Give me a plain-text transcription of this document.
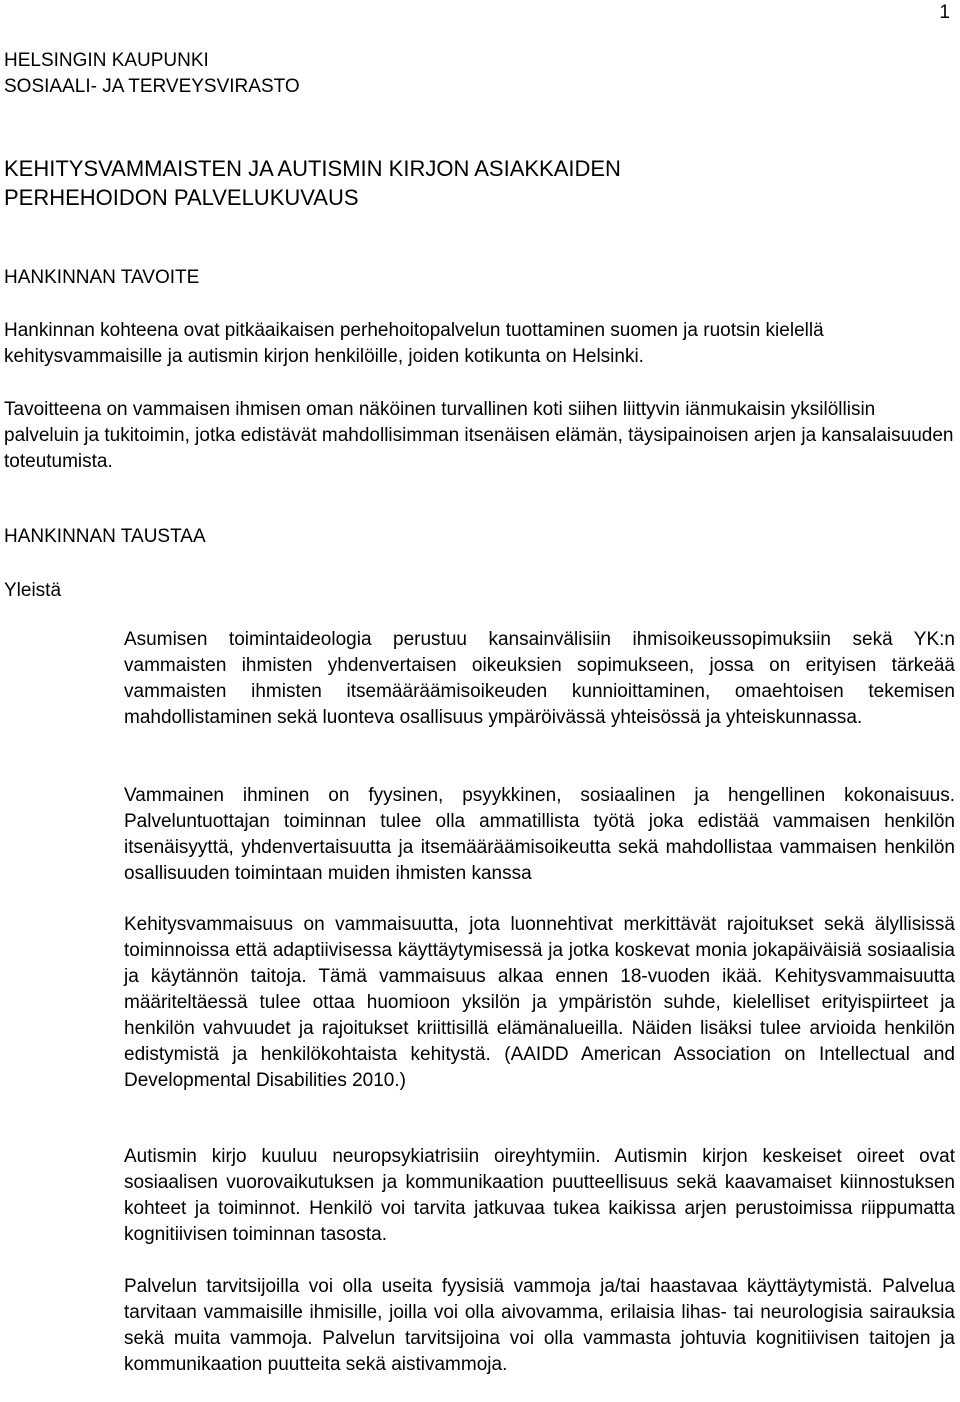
1
HELSINGIN KAUPUNKI
SOSIAALI- JA TERVEYSVIRASTO
KEHITYSVAMMAISTEN JA AUTISMIN KIRJON ASIAKKAIDEN
PERHEHOIDON PALVELUKUVAUS
HANKINNAN TAVOITE

Hankinnan kohteena ovat pitkäaikaisen perhehoitopalvelun tuottaminen suomen ja ruotsin kielellä kehitysvammaisille ja autismin kirjon henkilöille, joiden kotikunta on Helsinki.

Tavoitteena on vammaisen ihmisen oman näköinen turvallinen koti siihen liittyvin iänmukaisin yksilöllisin palveluin ja tukitoimin, jotka edistävät mahdollisimman itsenäisen elämän, täysipainoisen arjen ja kansalaisuuden toteutumista.

HANKINNAN TAUSTAA
Yleistä

Asumisen toimintaideologia perustuu kansainvälisiin ihmisoikeussopimuksiin sekä YK:n vammaisten ihmisten yhdenvertaisen oikeuksien sopimukseen, jossa on erityisen tärkeää vammaisten ihmisten itsemääräämisoikeuden kunnioittaminen, omaehtoisen tekemisen mahdollistaminen sekä luonteva osallisuus ympäröivässä yhteisössä ja yhteiskunnassa.

Vammainen ihminen on fyysinen, psyykkinen, sosiaalinen ja hengellinen kokonaisuus. Palveluntuottajan toiminnan tulee olla ammatillista työtä joka edistää vammaisen henkilön itsenäisyyttä, yhdenvertaisuutta ja itsemääräämisoikeutta sekä mahdollistaa vammaisen henkilön osallisuuden toimintaan muiden ihmisten kanssa

Kehitysvammaisuus on vammaisuutta, jota luonnehtivat merkittävät rajoitukset sekä älyllisissä toiminnoissa että adaptiivisessa käyttäytymisessä ja jotka koskevat monia jokapäiväisiä sosiaalisia ja käytännön taitoja. Tämä vammaisuus alkaa ennen 18-vuoden ikää. Kehitysvammaisuutta määriteltäessä tulee ottaa huomioon yksilön ja ympäristön suhde, kielelliset erityispiirteet ja henkilön vahvuudet ja rajoitukset kriittisillä elämänalueilla. Näiden lisäksi tulee arvioida henkilön edistymistä ja henkilökohtaista kehitystä. (AAIDD American Association on Intellectual and Developmental Disabilities 2010.)

Autismin kirjo kuuluu neuropsykiatrisiin oireyhtymiin. Autismin kirjon keskeiset oireet ovat sosiaalisen vuorovaikutuksen ja kommunikaation puutteellisuus sekä kaavamaiset kiinnostuksen kohteet ja toiminnot. Henkilö voi tarvita jatkuvaa tukea kaikissa arjen perustoimissa riippumatta kognitiivisen toiminnan tasosta.

Palvelun tarvitsijoilla voi olla useita fyysisiä vammoja ja/tai haastavaa käyttäytymistä. Palvelua tarvitaan vammaisille ihmisille, joilla voi olla aivovamma, erilaisia lihas- tai neurologisia sairauksia sekä muita vammoja. Palvelun tarvitsijoina voi olla vammasta johtuvia kognitiivisen taitojen ja kommunikaation puutteita sekä aistivammoja.
